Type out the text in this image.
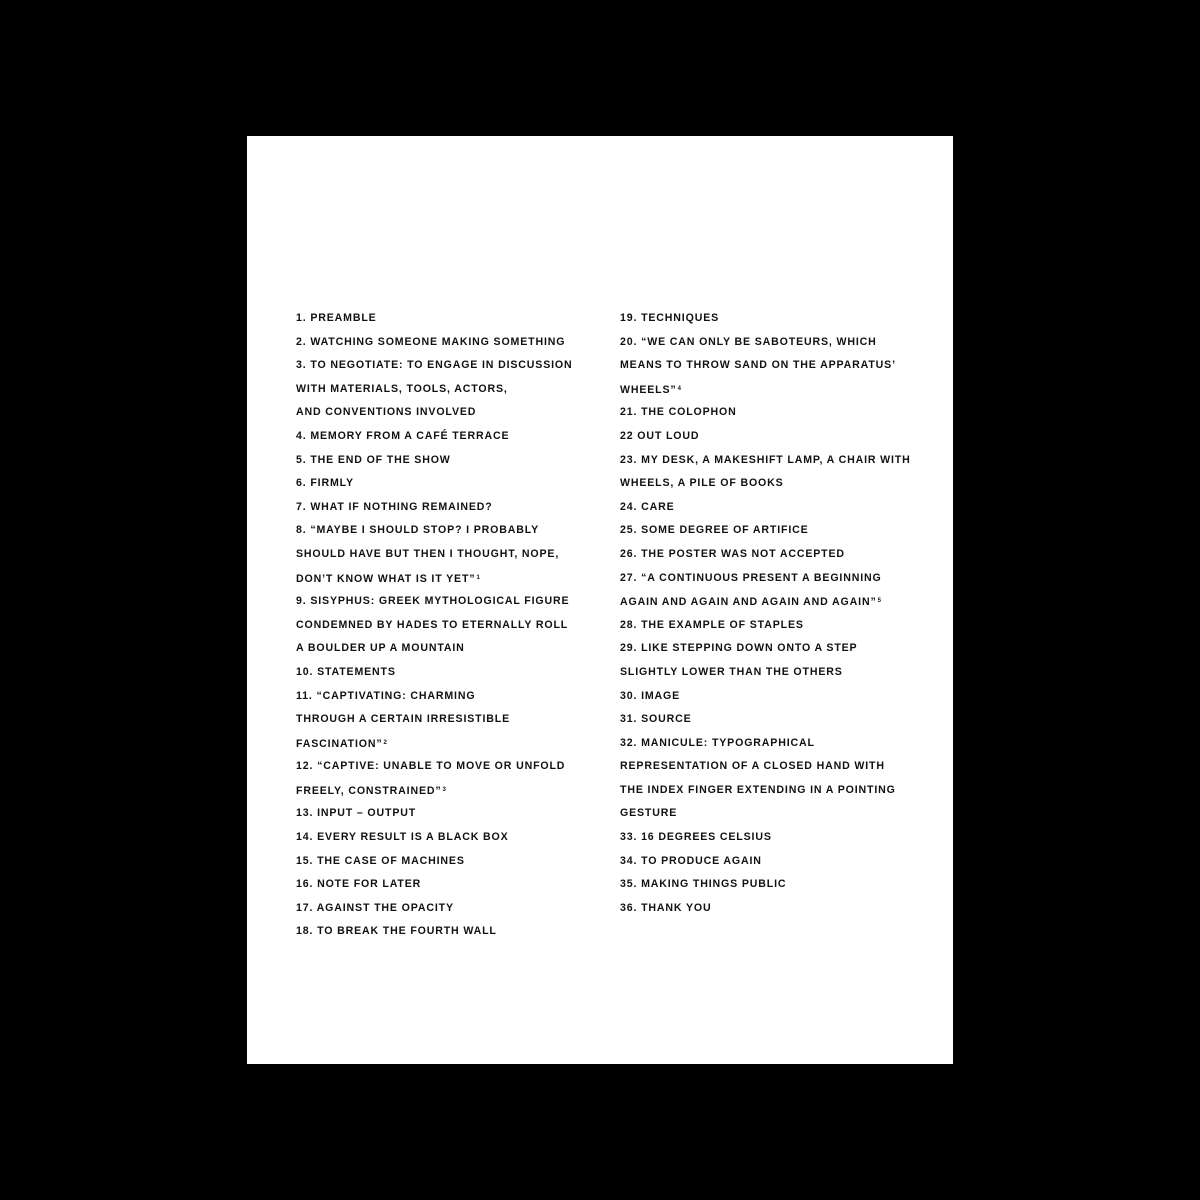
1. PREAMBLE
2. WATCHING SOMEONE MAKING SOMETHING
3. TO NEGOTIATE: TO ENGAGE IN DISCUSSION
WITH MATERIALS, TOOLS, ACTORS,
AND CONVENTIONS INVOLVED
4. MEMORY FROM A CAFÉ TERRACE
5. THE END OF THE SHOW
6. FIRMLY
7. WHAT IF NOTHING REMAINED?
8. “MAYBE I SHOULD STOP? I PROBABLY
SHOULD HAVE BUT THEN I THOUGHT, NOPE,
DON’T KNOW WHAT IS IT YET”$^1$
9. SISYPHUS: GREEK MYTHOLOGICAL FIGURE
CONDEMNED BY HADES TO ETERNALLY ROLL
A BOULDER UP A MOUNTAIN
10. STATEMENTS
11. “CAPTIVATING: CHARMING
THROUGH A CERTAIN IRRESISTIBLE
FASCINATION”$^2$
12. “CAPTIVE: UNABLE TO MOVE OR UNFOLD
FREELY, CONSTRAINED”$^3$
13. INPUT – OUTPUT
14. EVERY RESULT IS A BLACK BOX
15. THE CASE OF MACHINES
16. NOTE FOR LATER
17. AGAINST THE OPACITY
18. TO BREAK THE FOURTH WALL
19. TECHNIQUES
20. “WE CAN ONLY BE SABOTEURS, WHICH
MEANS TO THROW SAND ON THE APPARATUS’
WHEELS”$^4$
21. THE COLOPHON
22 OUT LOUD
23. MY DESK, A MAKESHIFT LAMP, A CHAIR WITH
WHEELS, A PILE OF BOOKS
24. CARE
25. SOME DEGREE OF ARTIFICE
26. THE POSTER WAS NOT ACCEPTED
27. “A CONTINUOUS PRESENT A BEGINNING
AGAIN AND AGAIN AND AGAIN AND AGAIN”$^5$
28. THE EXAMPLE OF STAPLES
29. LIKE STEPPING DOWN ONTO A STEP
SLIGHTLY LOWER THAN THE OTHERS
30. IMAGE
31. SOURCE
32. MANICULE: TYPOGRAPHICAL
REPRESENTATION OF A CLOSED HAND WITH
THE INDEX FINGER EXTENDING IN A POINTING
GESTURE
33. 16 DEGREES CELSIUS
34. TO PRODUCE AGAIN
35. MAKING THINGS PUBLIC
36. THANK YOU
